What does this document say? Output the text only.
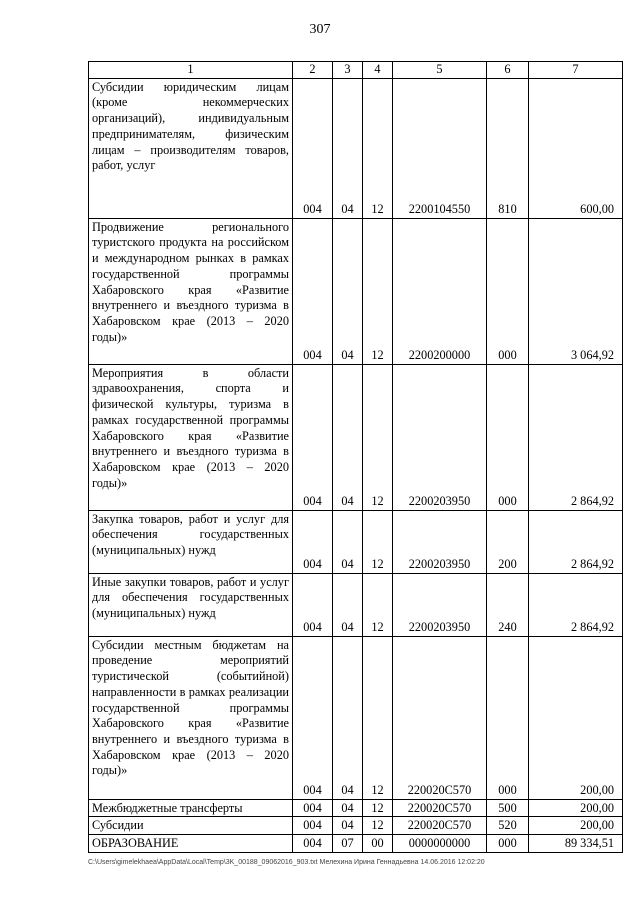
307
1	2	3	4	5	6	7
Субсидии юридическим лицам (кроме некоммерческих организаций), индивидуальным предпринимателям, физическим лицам – производителям товаров, работ, услуг	004	04	12	2200104550	810	600,00
Продвижение регионального туристского продукта на российском и международном рынках в рамках государственной программы Хабаровского края «Развитие внутреннего и въездного туризма в Хабаровском крае (2013 – 2020 годы)»	004	04	12	2200200000	000	3 064,92
Мероприятия в области здравоохранения, спорта и физической культуры, туризма в рамках государственной программы Хабаровского края «Развитие внутреннего и въездного туризма в Хабаровском крае (2013 – 2020 годы)»	004	04	12	2200203950	000	2 864,92
Закупка товаров, работ и услуг для обеспечения государственных (муниципальных) нужд	004	04	12	2200203950	200	2 864,92
Иные закупки товаров, работ и услуг для обеспечения государственных (муниципальных) нужд	004	04	12	2200203950	240	2 864,92
Субсидии местным бюджетам на проведение мероприятий туристической (событийной) направленности в рамках реализации государственной программы Хабаровского края «Развитие внутреннего и въездного туризма в Хабаровском крае (2013 – 2020 годы)»	004	04	12	220020С570	000	200,00
Межбюджетные трансферты	004	04	12	220020С570	500	200,00
Субсидии	004	04	12	220020С570	520	200,00
ОБРАЗОВАНИЕ	004	07	00	0000000000	000	89 334,51
C:\Users\gimelekhaea\AppData\Local\Temp\3K_00188_09062016_903.txt Мелехина Ирина Геннадьевна 14.06.2016 12:02:20
